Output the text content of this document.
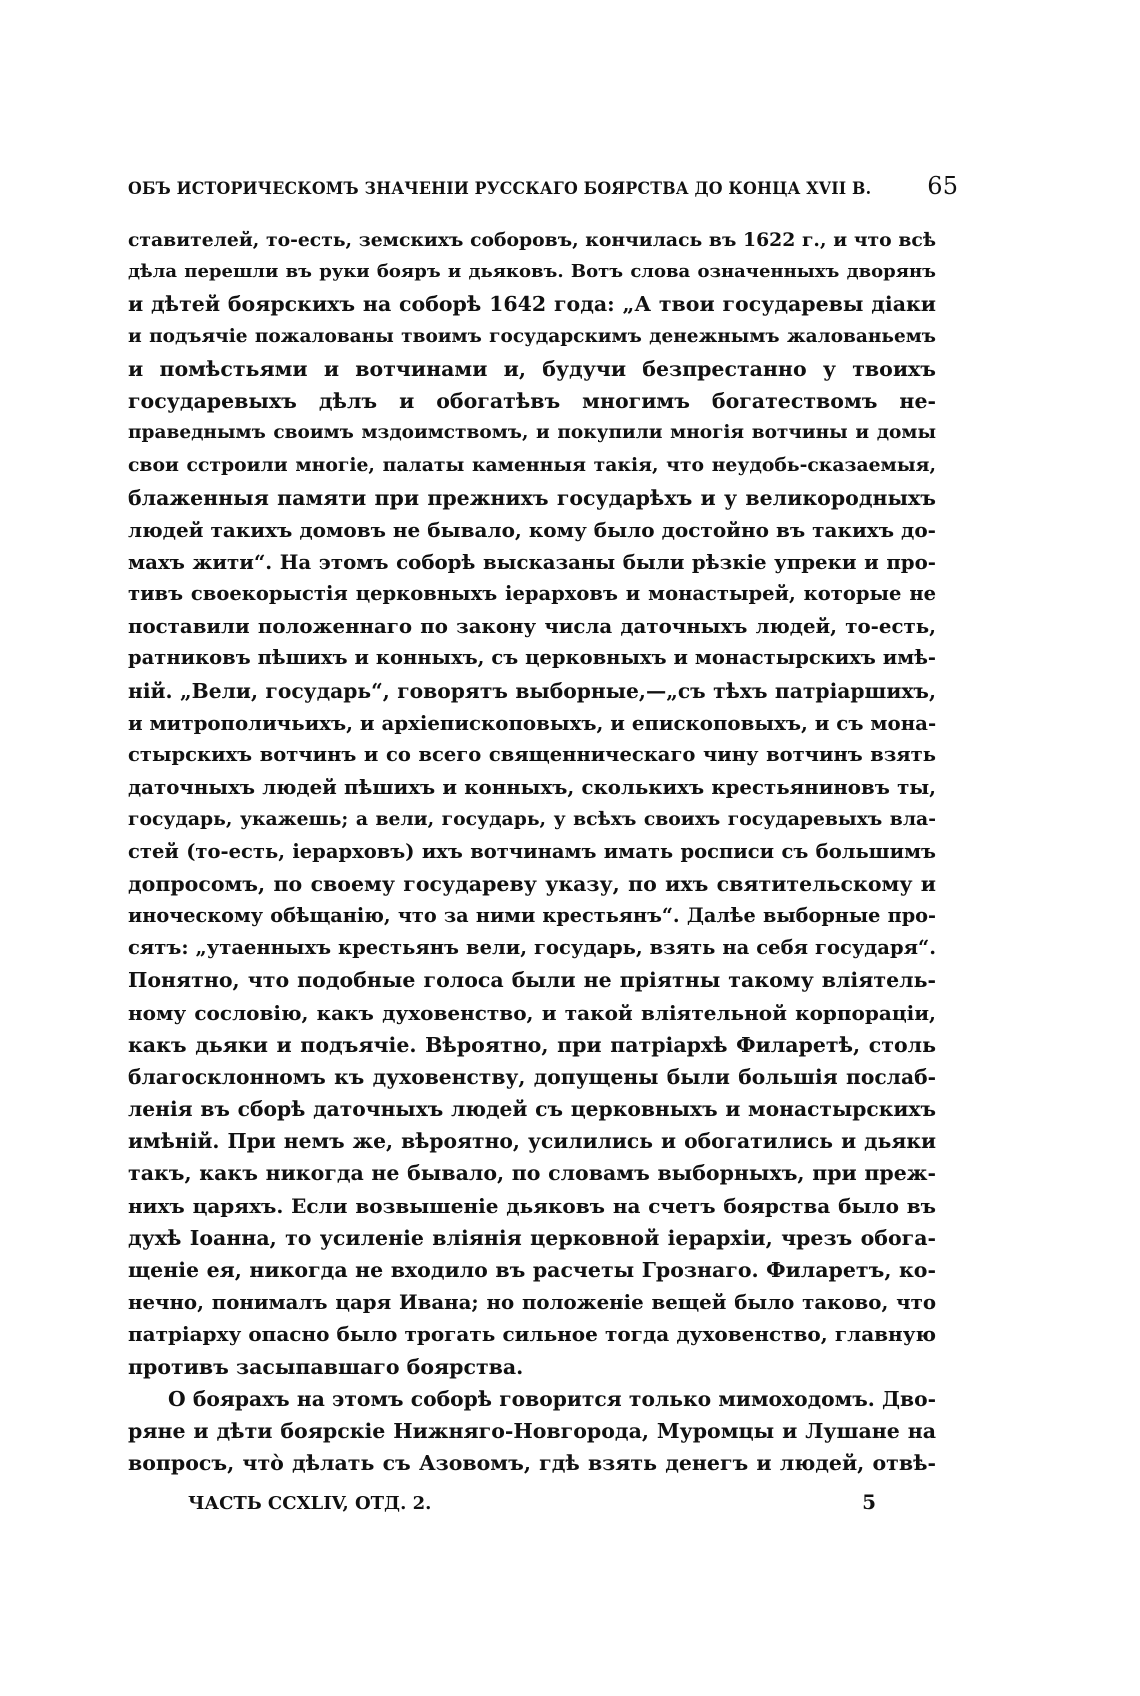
ОБЪ ИСТОРИЧЕСКОМЪ ЗНАЧЕНІИ РУССКАГО БОЯРСТВА ДО КОНЦА XVII В. 65
ставителей, то-есть, земскихъ соборовъ, кончилась въ 1622 г., и что всѣ
дѣла перешли въ руки бояръ и дьяковъ. Вотъ слова означенныхъ дворянъ
и дѣтей боярскихъ на соборѣ 1642 года: „А твои государевы діаки
и подъячіе пожалованы твоимъ государскимъ денежнымъ жалованьемъ
и помѣстьями и вотчинами и, будучи безпрестанно у твоихъ
государевыхъ дѣлъ и обогатѣвъ многимъ богатествомъ не-
праведнымъ своимъ мздоимствомъ, и покупили многія вотчины и домы
свои сстроили многіе, палаты каменныя такія, что неудобь-сказаемыя,
блаженныя памяти при прежнихъ государѣхъ и у великородныхъ
людей такихъ домовъ не бывало, кому было достойно въ такихъ до-
махъ жити“. На этомъ соборѣ высказаны были рѣзкіе упреки и про-
тивъ своекорыстія церковныхъ іерарховъ и монастырей, которые не
поставили положеннаго по закону числа даточныхъ людей, то-есть,
ратниковъ пѣшихъ и конныхъ, съ церковныхъ и монастырскихъ имѣ-
ній. „Вели, государь“, говорятъ выборные,—„съ тѣхъ патріаршихъ,
и митрополичьихъ, и архіепископовыхъ, и епископовыхъ, и съ мона-
стырскихъ вотчинъ и со всего священническаго чину вотчинъ взять
даточныхъ людей пѣшихъ и конныхъ, сколькихъ крестьяниновъ ты,
государь, укажешь; а вели, государь, у всѣхъ своихъ государевыхъ вла-
стей (то-есть, іерарховъ) ихъ вотчинамъ имать росписи съ большимъ
допросомъ, по своему государеву указу, по ихъ святительскому и
иноческому обѣщанію, что за ними крестьянъ“. Далѣе выборные про-
сятъ: „утаенныхъ крестьянъ вели, государь, взять на себя государя“.
Понятно, что подобные голоса были не пріятны такому вліятель-
ному сословію, какъ духовенство, и такой вліятельной корпораціи,
какъ дьяки и подъячіе. Вѣроятно, при патріархѣ Филаретѣ, столь
благосклонномъ къ духовенству, допущены были большія послаб-
ленія въ сборѣ даточныхъ людей съ церковныхъ и монастырскихъ
имѣній. При немъ же, вѣроятно, усилились и обогатились и дьяки
такъ, какъ никогда не бывало, по словамъ выборныхъ, при преж-
нихъ царяхъ. Если возвышеніе дьяковъ на счетъ боярства было въ
духѣ Іоанна, то усиленіе вліянія церковной іерархіи, чрезъ обога-
щеніе ея, никогда не входило въ расчеты Грознаго. Филаретъ, ко-
нечно, понималъ царя Ивана; но положеніе вещей было таково, что
патріарху опасно было трогать сильное тогда духовенство, главную
противъ засыпавшаго боярства.
О боярахъ на этомъ соборѣ говорится только мимоходомъ. Дво-
ряне и дѣти боярскіе Нижняго-Новгорода, Муромцы и Лушане на
вопросъ, что̀ дѣлать съ Азовомъ, гдѣ взять денегъ и людей, отвѣ-
ЧАСТЬ CCXLIV, ОТД. 2.	5
